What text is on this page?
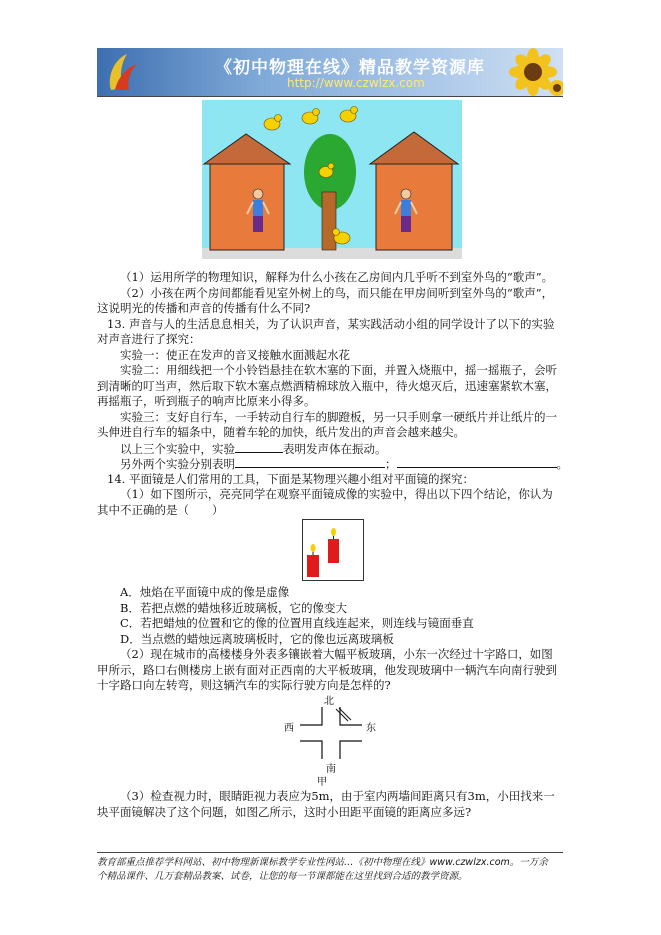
《初中物理在线》精品教学资源库
http://www.czwlzx.com
（1）运用所学的物理知识，解释为什么小孩在乙房间内几乎听不到室外鸟的“歌声”。
（2）小孩在两个房间都能看见室外树上的鸟，而只能在甲房间听到室外鸟的“歌声”，
这说明光的传播和声音的传播有什么不同?
13. 声音与人的生活息息相关，为了认识声音，某实践活动小组的同学设计了以下的实验
对声音进行了探究：
实验一：使正在发声的音叉接触水面溅起水花
实验二：用细线把一个小铃铛悬挂在软木塞的下面，并置入烧瓶中，摇一摇瓶子，会听
到清晰的叮当声，然后取下软木塞点燃酒精棉球放入瓶中，待火熄灭后，迅速塞紧软木塞，
再摇瓶子，听到瓶子的响声比原来小得多。
实验三：支好自行车，一手转动自行车的脚蹬板，另一只手则拿一硬纸片并让纸片的一
头伸进自行车的辐条中，随着车轮的加快，纸片发出的声音会越来越尖。
以上三个实验中，实验	表明发声体在振动。
另外两个实验分别表明	；	。
14. 平面镜是人们常用的工具，下面是某物理兴趣小组对平面镜的探究：
（1）如下图所示，亮亮同学在观察平面镜成像的实验中，得出以下四个结论，你认为
其中不正确的是（　　）
A．烛焰在平面镜中成的像是虚像
B．若把点燃的蜡烛移近玻璃板，它的像变大
C．若把蜡烛的位置和它的像的位置用直线连起来，则连线与镜面垂直
D．当点燃的蜡烛远离玻璃板时，它的像也远离玻璃板
（2）现在城市的高楼楼身外表多镶嵌着大幅平板玻璃，小东一次经过十字路口，如图
甲所示，路口右侧楼房上嵌有面对正西南的大平板玻璃，他发现玻璃中一辆汽车向南行驶到
十字路口向左转弯，则这辆汽车的实际行驶方向是怎样的?
北
西	东
南
甲
（3）检查视力时，眼睛距视力表应为5m，由于室内两墙间距离只有3m，小田找来一
块平面镜解决了这个问题，如图乙所示，这时小田距平面镜的距离应多远?
教育部重点推荐学科网站、初中物理新课标教学专业性网站…《初中物理在线》www.czwlzx.com。一万余
个精品课件、几万套精品教案、试卷，让您的每一节课都能在这里找到合适的教学资源。
